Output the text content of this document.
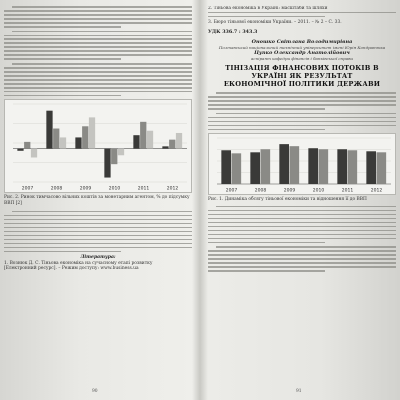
2007	2008	2009	2010	2011	2012
Рис. 2. Ринок тимчасово вільних коштів за монетарним агентом, % до підсумку ВВП [2]
Література:
1. Вознюк Д. С. Тіньова економіка на сучасному етапі розвитку
[Електронний ресурс]. – Режим доступу: www.business.ua
90
2. Тіньова економіка в Україні: масштаби та шляхи
3. Бюро тіньової економіки України. – 2011. – № 2 – С. 33.
УДК 336.7 : 343.3
Оношко Світлана Володимирівна
Полтавський національний технічний університет імені Юрія Кондратюка
Цупко Олександр Анатолійович
аспірант кафедри фінансів і банківської справи
ТІНІЗАЦІЯ ФІНАНСОВИХ ПОТОКІВ В УКРАЇНІ ЯК РЕЗУЛЬТАТ
ЕКОНОМІЧНОЇ ПОЛІТИКИ ДЕРЖАВИ
2007	2008	2009	2010	2011	2012
Рис. 1. Динаміка обсягу тіньової економіки та відношення її до ВВП
91
